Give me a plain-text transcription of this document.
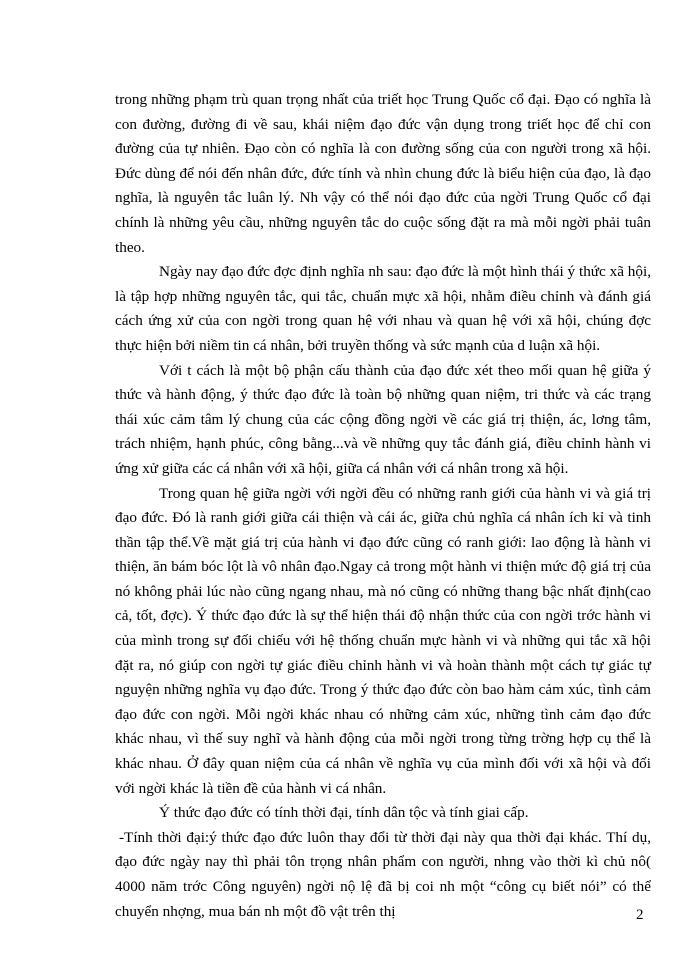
trong những phạm trù quan trọng nhất của triết học Trung Quốc cổ đại. Đạo có nghĩa là con đường, đường đi về sau, khái niệm đạo đức vận dụng trong triết học để chỉ con đường của tự nhiên. Đạo còn có nghĩa là con đường sống của con người trong xã hội. Đức dùng để nói đến nhân đức, đức tính và nhìn chung đức là biểu hiện của đạo, là đạo nghĩa, là nguyên tắc luân lý. Nh vậy có thể nói đạo đức của ngời Trung Quốc cổ đại chính là những yêu cầu, những nguyên tắc do cuộc sống đặt ra mà mỗi ngời phải tuân theo.

Ngày nay đạo đức đợc định nghĩa nh sau: đạo đức là một hình thái ý thức xã hội, là tập hợp những nguyên tắc, qui tắc, chuẩn mực xã hội, nhằm điều chỉnh và đánh giá cách ứng xử của con ngời trong quan hệ với nhau và quan hệ với xã hội, chúng đợc thực hiện bởi niềm tin cá nhân, bởi truyền thống và sức mạnh của d luận xã hội.

Với t cách là một bộ phận cấu thành của đạo đức xét theo mối quan hệ giữa ý thức và hành động, ý thức đạo đức là toàn bộ những quan niệm, tri thức và các trạng thái xúc cảm tâm lý chung của các cộng đồng ngời về các giá trị thiện, ác, lơng tâm, trách nhiệm, hạnh phúc, công bằng...và về những quy tắc đánh giá, điều chỉnh hành vi ứng xử giữa các cá nhân với xã hội, giữa cá nhân với cá nhân trong xã hội.

Trong quan hệ giữa ngời với ngời đều có những ranh giới của hành vi và giá trị đạo đức. Đó là ranh giới giữa cái thiện và cái ác, giữa chủ nghĩa cá nhân ích kỉ và tinh thần tập thể.Về mặt giá trị của hành vi đạo đức cũng có ranh giới: lao động là hành vi thiện, ăn bám bóc lột là vô nhân đạo.Ngay cả trong một hành vi thiện mức độ giá trị của nó không phải lúc nào cũng ngang nhau, mà nó cũng có những thang bậc nhất định(cao cả, tốt, đợc). Ý thức đạo đức là sự thể hiện thái độ nhận thức của con ngời trớc hành vi của mình trong sự đối chiếu với hệ thống chuẩn mực hành vi và những qui tắc xã hội đặt ra, nó giúp con ngời tự giác điều chỉnh hành vi và hoàn thành một cách tự giác tự nguyện những nghĩa vụ đạo đức. Trong ý thức đạo đức còn bao hàm cảm xúc, tình cảm đạo đức con ngời. Mỗi ngời khác nhau có những cảm xúc, những tình cảm đạo đức khác nhau, vì thế suy nghĩ và hành động của mỗi ngời trong từng trờng hợp cụ thể là khác nhau. Ở đây quan niệm của cá nhân về nghĩa vụ của mình đối với xã hội và đối với ngời khác là tiền đề của hành vi cá nhân.

Ý thức đạo đức có tính thời đại, tính dân tộc và tính giai cấp.

-Tính thời đại:ý thức đạo đức luôn thay đổi từ thời đại này qua thời đại khác. Thí dụ, đạo đức ngày nay thì phải tôn trọng nhân phẩm con người, nhng vào thời kì chủ nô( 4000 năm trớc Công nguyên) ngời nộ lệ đã bị coi nh một “công cụ biết nói” có thể chuyển nhợng, mua bán nh một đồ vật trên thị	2
